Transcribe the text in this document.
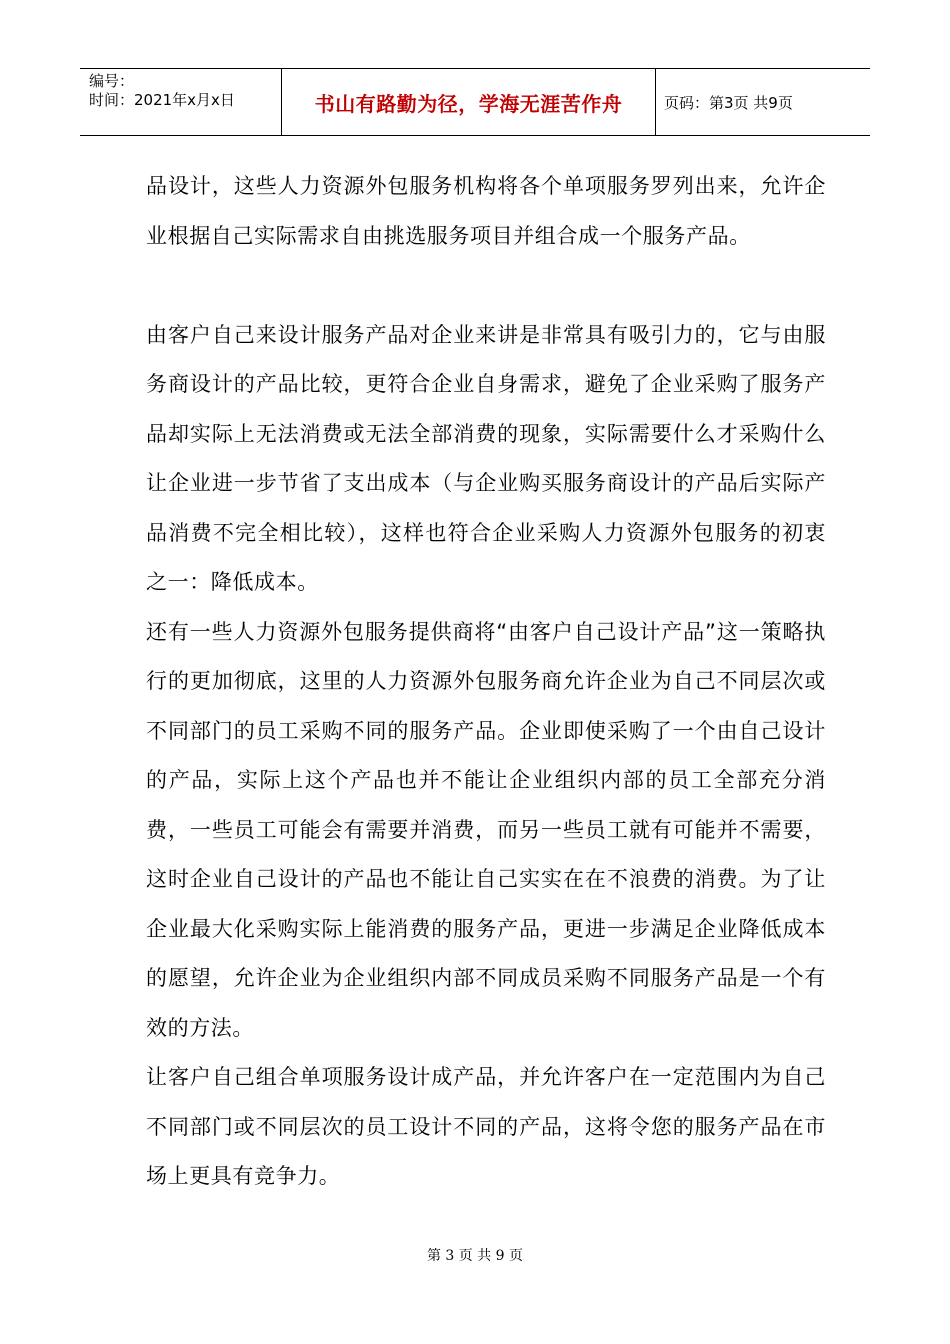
编号：
时间：2021年x月x日	书山有路勤为径，学海无涯苦作舟	页码：第3页 共9页

品设计，这些人力资源外包服务机构将各个单项服务罗列出来，允许企业根据自己实际需求自由挑选服务项目并组合成一个服务产品。

由客户自己来设计服务产品对企业来讲是非常具有吸引力的，它与由服务商设计的产品比较，更符合企业自身需求，避免了企业采购了服务产品却实际上无法消费或无法全部消费的现象，实际需要什么才采购什么让企业进一步节省了支出成本（与企业购买服务商设计的产品后实际产品消费不完全相比较），这样也符合企业采购人力资源外包服务的初衷之一：降低成本。

还有一些人力资源外包服务提供商将“由客户自己设计产品”这一策略执行的更加彻底，这里的人力资源外包服务商允许企业为自己不同层次或不同部门的员工采购不同的服务产品。企业即使采购了一个由自己设计的产品，实际上这个产品也并不能让企业组织内部的员工全部充分消费，一些员工可能会有需要并消费，而另一些员工就有可能并不需要，这时企业自己设计的产品也不能让自己实实在在不浪费的消费。为了让企业最大化采购实际上能消费的服务产品，更进一步满足企业降低成本的愿望，允许企业为企业组织内部不同成员采购不同服务产品是一个有效的方法。

让客户自己组合单项服务设计成产品，并允许客户在一定范围内为自己不同部门或不同层次的员工设计不同的产品，这将令您的服务产品在市场上更具有竞争力。

第 3 页 共 9 页
